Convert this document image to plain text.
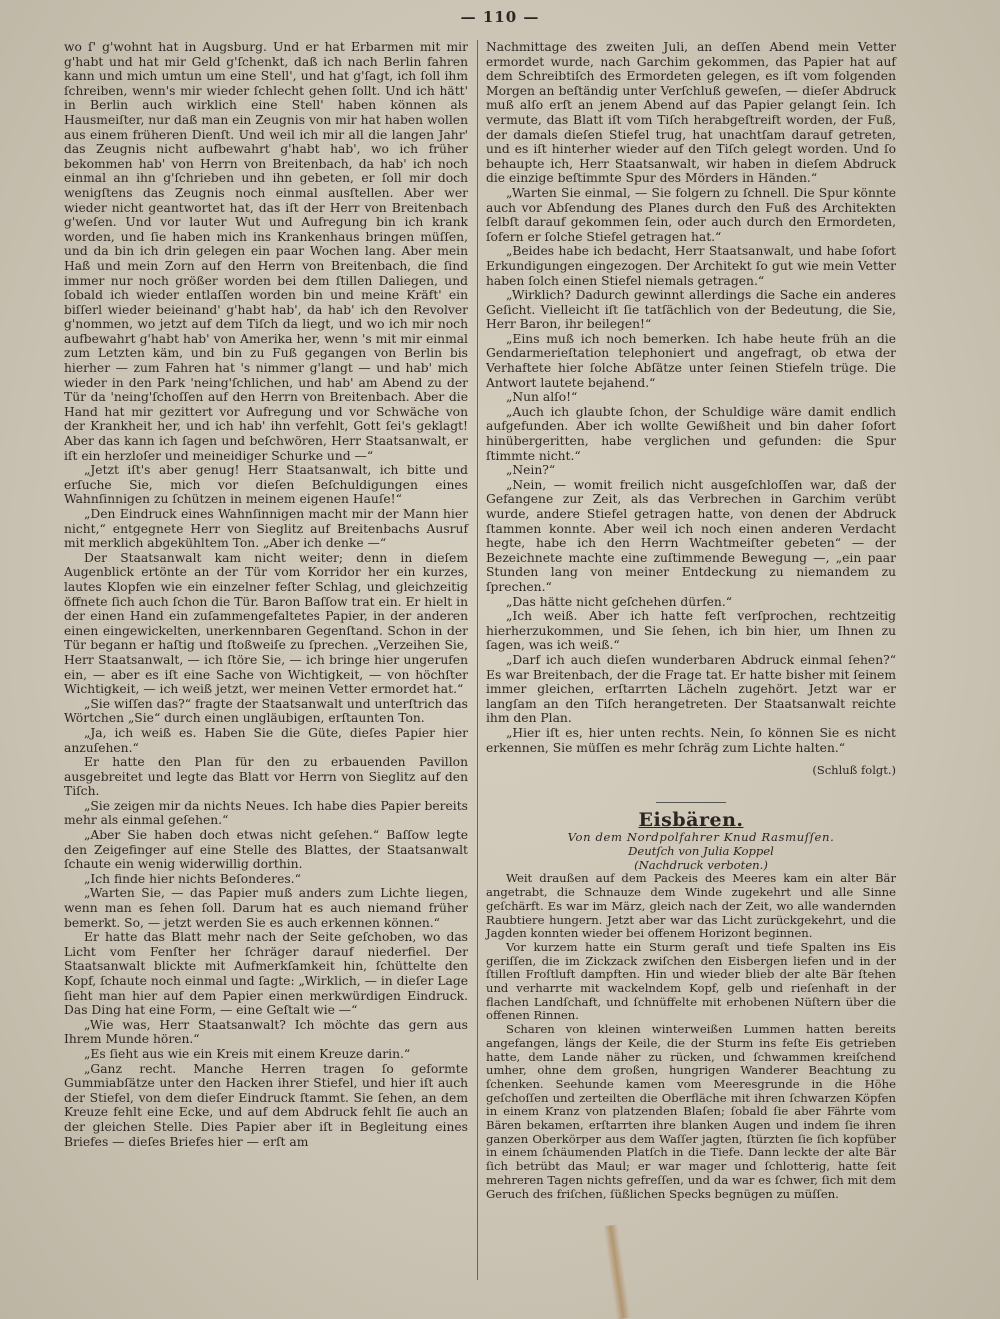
— 110 —

wo ſ' g'wohnt hat in Augsburg. Und er hat Erbarmen mit mir g'habt und hat mir Geld g'ſchenkt, daß ich nach Berlin fahren kann und mich umtun um eine Stell', und hat g'ſagt, ich ſoll ihm ſchreiben, wenn's mir wieder ſchlecht gehen ſollt. Und ich hätt' in Berlin auch wirklich eine Stell' haben können als Hausmeiſter, nur daß man ein Zeugnis von mir hat haben wollen aus einem früheren Dienſt. Und weil ich mir all die langen Jahr' das Zeugnis nicht aufbewahrt g'habt hab', wo ich früher bekommen hab' von Herrn von Breitenbach, da hab' ich noch einmal an ihn g'ſchrieben und ihn gebeten, er ſoll mir doch wenigſtens das Zeugnis noch einmal ausſtellen. Aber wer wieder nicht geantwortet hat, das iſt der Herr von Breitenbach g'weſen. Und vor lauter Wut und Aufregung bin ich krank worden, und ſie haben mich ins Krankenhaus bringen müſſen, und da bin ich drin gelegen ein paar Wochen lang. Aber mein Haß und mein Zorn auf den Herrn von Breitenbach, die ſind immer nur noch größer worden bei dem ſtillen Daliegen, und ſobald ich wieder entlaſſen worden bin und meine Kräft' ein biſſerl wieder beieinand' g'habt hab', da hab' ich den Revolver g'nommen, wo jetzt auf dem Tiſch da liegt, und wo ich mir noch aufbewahrt g'habt hab' von Amerika her, wenn 's mit mir einmal zum Letzten käm, und bin zu Fuß gegangen von Berlin bis hierher — zum Fahren hat 's nimmer g'langt — und hab' mich wieder in den Park 'neing'ſchlichen, und hab' am Abend zu der Tür da 'neing'ſchoſſen auf den Herrn von Breitenbach. Aber die Hand hat mir gezittert vor Aufregung und vor Schwäche von der Krankheit her, und ich hab' ihn verfehlt, Gott ſei's geklagt! Aber das kann ich ſagen und beſchwören, Herr Staatsanwalt, er iſt ein herzloſer und meineidiger Schurke und —“

„Jetzt iſt's aber genug! Herr Staatsanwalt, ich bitte und erſuche Sie, mich vor dieſen Beſchuldigungen eines Wahnſinnigen zu ſchützen in meinem eigenen Hauſe!“

„Den Eindruck eines Wahnſinnigen macht mir der Mann hier nicht,“ entgegnete Herr von Sieglitz auf Breitenbachs Ausruf mit merklich abgekühltem Ton. „Aber ich denke —“

Der Staatsanwalt kam nicht weiter; denn in dieſem Augenblick ertönte an der Tür vom Korridor her ein kurzes, lautes Klopfen wie ein einzelner feſter Schlag, und gleichzeitig öffnete ſich auch ſchon die Tür. Baron Baſſow trat ein. Er hielt in der einen Hand ein zuſammengefaltetes Papier, in der anderen einen eingewickelten, unerkennbaren Gegenſtand. Schon in der Tür begann er haſtig und ſtoßweiſe zu ſprechen. „Verzeihen Sie, Herr Staatsanwalt, — ich ſtöre Sie, — ich bringe hier ungerufen ein, — aber es iſt eine Sache von Wichtigkeit, — von höchſter Wichtigkeit, — ich weiß jetzt, wer meinen Vetter ermordet hat.“

„Sie wiſſen das?“ fragte der Staatsanwalt und unterſtrich das Wörtchen „Sie“ durch einen ungläubigen, erſtaunten Ton.

„Ja, ich weiß es. Haben Sie die Güte, dieſes Papier hier anzuſehen.“

Er hatte den Plan für den zu erbauenden Pavillon ausgebreitet und legte das Blatt vor Herrn von Sieglitz auf den Tiſch.

„Sie zeigen mir da nichts Neues. Ich habe dies Papier bereits mehr als einmal geſehen.“

„Aber Sie haben doch etwas nicht geſehen.“ Baſſow legte den Zeigefinger auf eine Stelle des Blattes, der Staatsanwalt ſchaute ein wenig widerwillig dorthin.

„Ich finde hier nichts Beſonderes.“

„Warten Sie, — das Papier muß anders zum Lichte liegen, wenn man es ſehen ſoll. Darum hat es auch niemand früher bemerkt. So, — jetzt werden Sie es auch erkennen können.“

Er hatte das Blatt mehr nach der Seite geſchoben, wo das Licht vom Fenſter her ſchräger darauf niederfiel. Der Staatsanwalt blickte mit Aufmerkſamkeit hin, ſchüttelte den Kopf, ſchaute noch einmal und ſagte: „Wirklich, — in dieſer Lage ſieht man hier auf dem Papier einen merkwürdigen Eindruck. Das Ding hat eine Form, — eine Geſtalt wie —“

„Wie was, Herr Staatsanwalt? Ich möchte das gern aus Ihrem Munde hören.“

„Es ſieht aus wie ein Kreis mit einem Kreuze darin.“

„Ganz recht. Manche Herren tragen ſo geformte Gummiabſätze unter den Hacken ihrer Stiefel, und hier iſt auch der Stiefel, von dem dieſer Eindruck ſtammt. Sie ſehen, an dem Kreuze fehlt eine Ecke, und auf dem Abdruck fehlt ſie auch an der gleichen Stelle. Dies Papier aber iſt in Begleitung eines Briefes — dieſes Briefes hier — erſt am

Nachmittage des zweiten Juli, an deſſen Abend mein Vetter ermordet wurde, nach Garchim gekommen, das Papier hat auf dem Schreibtiſch des Ermordeten gelegen, es iſt vom folgenden Morgen an beſtändig unter Verſchluß geweſen, — dieſer Abdruck muß alſo erſt an jenem Abend auf das Papier gelangt ſein. Ich vermute, das Blatt iſt vom Tiſch herabgeſtreift worden, der Fuß, der damals dieſen Stiefel trug, hat unachtſam darauf getreten, und es iſt hinterher wieder auf den Tiſch gelegt worden. Und ſo behaupte ich, Herr Staatsanwalt, wir haben in dieſem Abdruck die einzige beſtimmte Spur des Mörders in Händen.“

„Warten Sie einmal, — Sie folgern zu ſchnell. Die Spur könnte auch vor Abſendung des Planes durch den Fuß des Architekten ſelbſt darauf gekommen ſein, oder auch durch den Ermordeten, ſofern er ſolche Stiefel getragen hat.“

„Beides habe ich bedacht, Herr Staatsanwalt, und habe ſofort Erkundigungen eingezogen. Der Architekt ſo gut wie mein Vetter haben ſolch einen Stiefel niemals getragen.“

„Wirklich? Dadurch gewinnt allerdings die Sache ein anderes Geſicht. Vielleicht iſt ſie tatſächlich von der Bedeutung, die Sie, Herr Baron, ihr beilegen!“

„Eins muß ich noch bemerken. Ich habe heute früh an die Gendarmerieſtation telephoniert und angefragt, ob etwa der Verhaftete hier ſolche Abſätze unter ſeinen Stiefeln trüge. Die Antwort lautete bejahend.“

„Nun alſo!“

„Auch ich glaubte ſchon, der Schuldige wäre damit endlich aufgefunden. Aber ich wollte Gewißheit und bin daher ſofort hinübergeritten, habe verglichen und gefunden: die Spur ſtimmte nicht.“

„Nein?“

„Nein, — womit freilich nicht ausgeſchloſſen war, daß der Gefangene zur Zeit, als das Verbrechen in Garchim verübt wurde, andere Stiefel getragen hatte, von denen der Abdruck ſtammen konnte. Aber weil ich noch einen anderen Verdacht hegte, habe ich den Herrn Wachtmeiſter gebeten“ — der Bezeichnete machte eine zuſtimmende Bewegung —, „ein paar Stunden lang von meiner Entdeckung zu niemandem zu ſprechen.“

„Das hätte nicht geſchehen dürfen.“

„Ich weiß. Aber ich hatte feſt verſprochen, rechtzeitig hierherzukommen, und Sie ſehen, ich bin hier, um Ihnen zu ſagen, was ich weiß.“

„Darf ich auch dieſen wunderbaren Abdruck einmal ſehen?“ Es war Breitenbach, der die Frage tat. Er hatte bisher mit ſeinem immer gleichen, erſtarrten Lächeln zugehört. Jetzt war er langſam an den Tiſch herangetreten. Der Staatsanwalt reichte ihm den Plan.

„Hier iſt es, hier unten rechts. Nein, ſo können Sie es nicht erkennen, Sie müſſen es mehr ſchräg zum Lichte halten.“

(Schluß folgt.)

Eisbären.

Von dem Nordpolfahrer Knud Rasmuſſen.

Deutſch von Julia Koppel

(Nachdruck verboten.)

Weit draußen auf dem Packeis des Meeres kam ein alter Bär angetrabt, die Schnauze dem Winde zugekehrt und alle Sinne geſchärft. Es war im März, gleich nach der Zeit, wo alle wandernden Raubtiere hungern. Jetzt aber war das Licht zurückgekehrt, und die Jagden konnten wieder bei offenem Horizont beginnen.

Vor kurzem hatte ein Sturm geraſt und tiefe Spalten ins Eis geriſſen, die im Zickzack zwiſchen den Eisbergen liefen und in der ſtillen Froſtluft dampften. Hin und wieder blieb der alte Bär ſtehen und verharrte mit wackelndem Kopf, gelb und rieſenhaft in der flachen Landſchaft, und ſchnüffelte mit erhobenen Nüſtern über die offenen Rinnen.

Scharen von kleinen winterweißen Lummen hatten bereits angefangen, längs der Keile, die der Sturm ins feſte Eis getrieben hatte, dem Lande näher zu rücken, und ſchwammen kreiſchend umher, ohne dem großen, hungrigen Wanderer Beachtung zu ſchenken. Seehunde kamen vom Meeresgrunde in die Höhe geſchoſſen und zerteilten die Oberfläche mit ihren ſchwarzen Köpfen in einem Kranz von platzenden Blaſen; ſobald ſie aber Fährte vom Bären bekamen, erſtarrten ihre blanken Augen und indem ſie ihren ganzen Oberkörper aus dem Waſſer jagten, ſtürzten ſie ſich kopfüber in einem ſchäumenden Platſch in die Tiefe. Dann leckte der alte Bär ſich betrübt das Maul; er war mager und ſchlotterig, hatte ſeit mehreren Tagen nichts gefreſſen, und da war es ſchwer, ſich mit dem Geruch des friſchen, ſüßlichen Specks begnügen zu müſſen.
